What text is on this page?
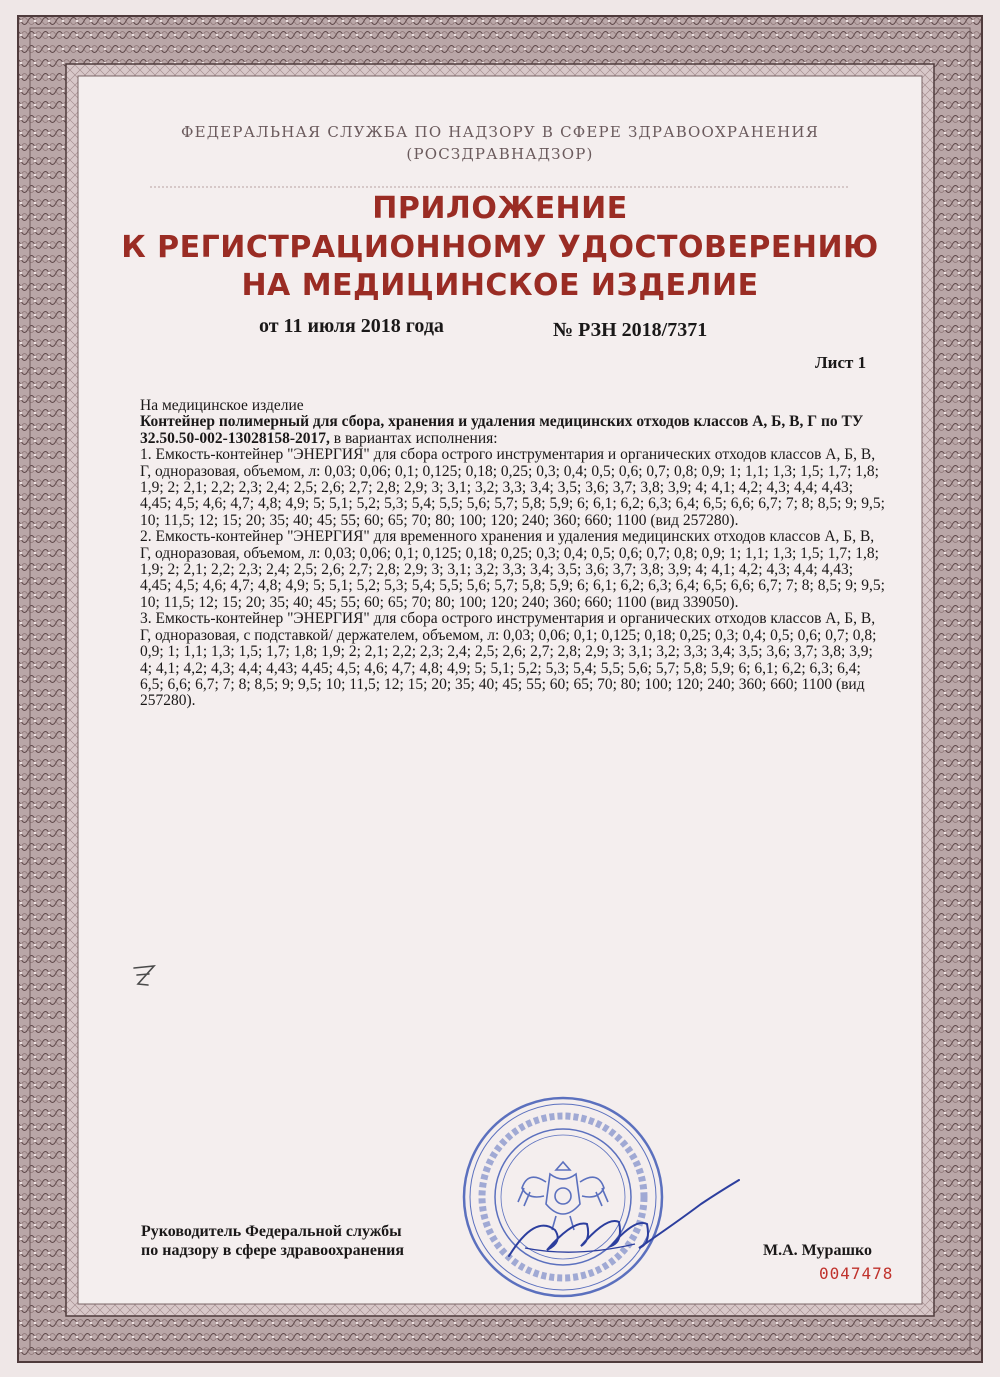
ФЕДЕРАЛЬНАЯ СЛУЖБА ПО НАДЗОРУ В СФЕРЕ ЗДРАВООХРАНЕНИЯ
(РОСЗДРАВНАДЗОР)
ПРИЛОЖЕНИЕ
К РЕГИСТРАЦИОННОМУ УДОСТОВЕРЕНИЮ
НА МЕДИЦИНСКОЕ ИЗДЕЛИЕ
от 11 июля 2018 года	№ РЗН 2018/7371
Лист 1

На медицинское изделие

Контейнер полимерный для сбора, хранения и удаления медицинских отходов классов А, Б, В, Г по ТУ 32.50.50-002-13028158-2017, в вариантах исполнения:

1. Емкость-контейнер "ЭНЕРГИЯ" для сбора острого инструментария и органических отходов классов А, Б, В, Г, одноразовая, объемом, л: 0,03; 0,06; 0,1; 0,125; 0,18; 0,25; 0,3; 0,4; 0,5; 0,6; 0,7; 0,8; 0,9; 1; 1,1; 1,3; 1,5; 1,7; 1,8; 1,9; 2; 2,1; 2,2; 2,3; 2,4; 2,5; 2,6; 2,7; 2,8; 2,9; 3; 3,1; 3,2; 3,3; 3,4; 3,5; 3,6; 3,7; 3,8; 3,9; 4; 4,1; 4,2; 4,3; 4,4; 4,43; 4,45; 4,5; 4,6; 4,7; 4,8; 4,9; 5; 5,1; 5,2; 5,3; 5,4; 5,5; 5,6; 5,7; 5,8; 5,9; 6; 6,1; 6,2; 6,3; 6,4; 6,5; 6,6; 6,7; 7; 8; 8,5; 9; 9,5; 10; 11,5; 12; 15; 20; 35; 40; 45; 55; 60; 65; 70; 80; 100; 120; 240; 360; 660; 1100 (вид 257280).

2. Емкость-контейнер "ЭНЕРГИЯ" для временного хранения и удаления медицинских отходов классов А, Б, В, Г, одноразовая, объемом, л: 0,03; 0,06; 0,1; 0,125; 0,18; 0,25; 0,3; 0,4; 0,5; 0,6; 0,7; 0,8; 0,9; 1; 1,1; 1,3; 1,5; 1,7; 1,8; 1,9; 2; 2,1; 2,2; 2,3; 2,4; 2,5; 2,6; 2,7; 2,8; 2,9; 3; 3,1; 3,2; 3,3; 3,4; 3,5; 3,6; 3,7; 3,8; 3,9; 4; 4,1; 4,2; 4,3; 4,4; 4,43; 4,45; 4,5; 4,6; 4,7; 4,8; 4,9; 5; 5,1; 5,2; 5,3; 5,4; 5,5; 5,6; 5,7; 5,8; 5,9; 6; 6,1; 6,2; 6,3; 6,4; 6,5; 6,6; 6,7; 7; 8; 8,5; 9; 9,5; 10; 11,5; 12; 15; 20; 35; 40; 45; 55; 60; 65; 70; 80; 100; 120; 240; 360; 660; 1100 (вид 339050).

3. Емкость-контейнер "ЭНЕРГИЯ" для сбора острого инструментария и органических отходов классов А, Б, В, Г, одноразовая, с подставкой/ держателем, объемом, л: 0,03; 0,06; 0,1; 0,125; 0,18; 0,25; 0,3; 0,4; 0,5; 0,6; 0,7; 0,8; 0,9; 1; 1,1; 1,3; 1,5; 1,7; 1,8; 1,9; 2; 2,1; 2,2; 2,3; 2,4; 2,5; 2,6; 2,7; 2,8; 2,9; 3; 3,1; 3,2; 3,3; 3,4; 3,5; 3,6; 3,7; 3,8; 3,9; 4; 4,1; 4,2; 4,3; 4,4; 4,43; 4,45; 4,5; 4,6; 4,7; 4,8; 4,9; 5; 5,1; 5,2; 5,3; 5,4; 5,5; 5,6; 5,7; 5,8; 5,9; 6; 6,1; 6,2; 6,3; 6,4; 6,5; 6,6; 6,7; 7; 8; 8,5; 9; 9,5; 10; 11,5; 12; 15; 20; 35; 40; 45; 55; 60; 65; 70; 80; 100; 120; 240; 360; 660; 1100 (вид 257280).

Руководитель Федеральной службы
по надзору в сфере здравоохранения	М.А. Мурашко
0047478
